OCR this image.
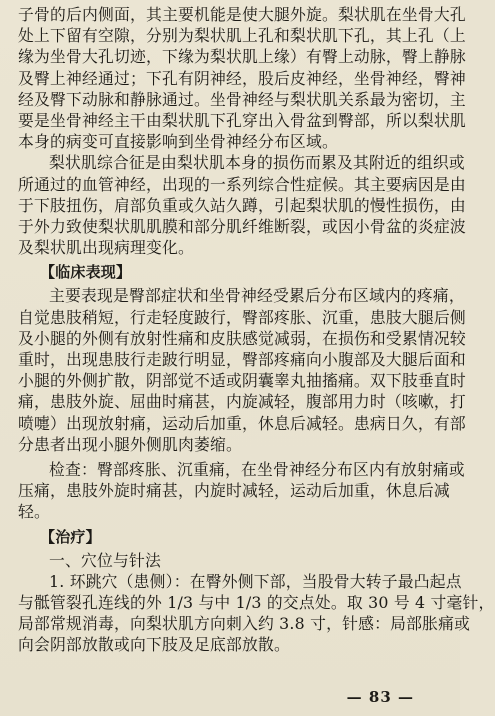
子骨的后内侧面，其主要机能是使大腿外旋。梨状肌在坐骨大孔
处上下留有空隙，分别为梨状肌上孔和梨状肌下孔，其上孔（上
缘为坐骨大孔切迹，下缘为梨状肌上缘）有臀上动脉，臀上静脉
及臀上神经通过；下孔有阴神经，股后皮神经，坐骨神经，臀神
经及臀下动脉和静脉通过。坐骨神经与梨状肌关系最为密切，主
要是坐骨神经主干由梨状肌下孔穿出入骨盆到臀部，所以梨状肌
本身的病变可直接影响到坐骨神经分布区域。
梨状肌综合征是由梨状肌本身的损伤而累及其附近的组织或
所通过的血管神经，出现的一系列综合性症候。其主要病因是由
于下肢扭伤，肩部负重或久站久蹲，引起梨状肌的慢性损伤，由
于外力致使梨状肌肌膜和部分肌纤维断裂，或因小骨盆的炎症波
及梨状肌出现病理变化。
【临床表现】
主要表现是臀部症状和坐骨神经受累后分布区域内的疼痛，
自觉患肢稍短，行走轻度跛行，臀部疼胀、沉重，患肢大腿后侧
及小腿的外侧有放射性痛和皮肤感觉减弱，在损伤和受累情况较
重时，出现患肢行走跛行明显，臀部疼痛向小腹部及大腿后面和
小腿的外侧扩散，阴部觉不适或阴囊睾丸抽搐痛。双下肢垂直时
痛，患肢外旋、屈曲时痛甚，内旋减轻，腹部用力时（咳嗽，打
喷嚏）出现放射痛，运动后加重，休息后减轻。患病日久，有部
分患者出现小腿外侧肌肉萎缩。
检查：臀部疼胀、沉重痛，在坐骨神经分布区内有放射痛或
压痛，患肢外旋时痛甚，内旋时减轻，运动后加重，休息后减
轻。
【治疗】
一、穴位与针法
1. 环跳穴（患侧）：在臀外侧下部，当股骨大转子最凸起点
与骶管裂孔连线的外 1/3 与中 1/3 的交点处。取 30 号 4 寸毫针，
局部常规消毒，向梨状肌方向刺入约 3.8 寸，针感：局部胀痛或
向会阴部放散或向下肢及足底部放散。
— 83 —
